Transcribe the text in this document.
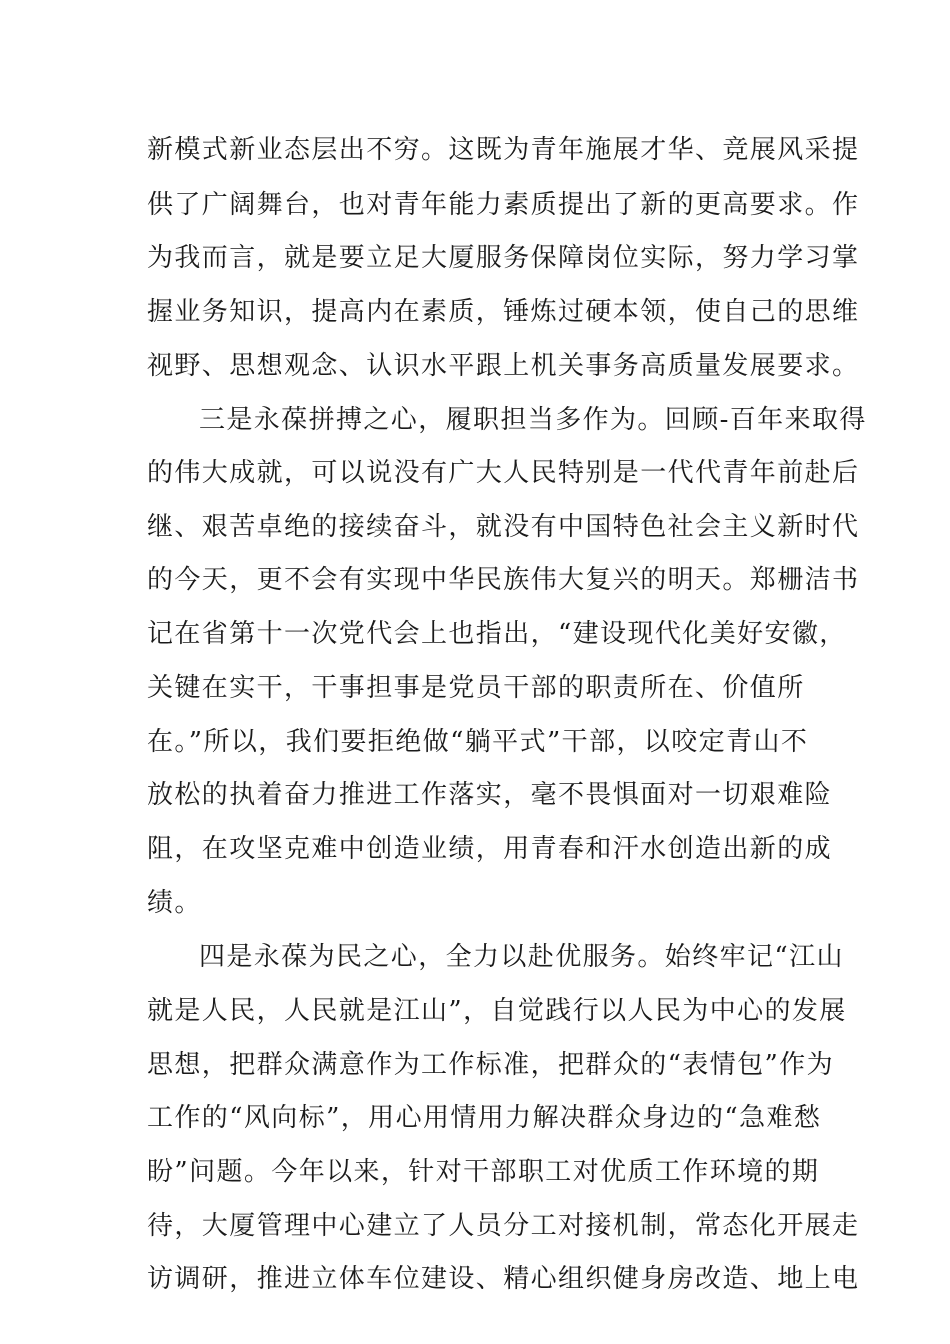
新模式新业态层出不穷。这既为青年施展才华、竞展风采提
供了广阔舞台，也对青年能力素质提出了新的更高要求。作
为我而言，就是要立足大厦服务保障岗位实际，努力学习掌
握业务知识，提高内在素质，锤炼过硬本领，使自己的思维
视野、思想观念、认识水平跟上机关事务高质量发展要求。
三是永葆拼搏之心，履职担当多作为。回顾-百年来取得
的伟大成就，可以说没有广大人民特别是一代代青年前赴后
继、艰苦卓绝的接续奋斗，就没有中国特色社会主义新时代
的今天，更不会有实现中华民族伟大复兴的明天。郑栅洁书
记在省第十一次党代会上也指出，“建设现代化美好安徽，
关键在实干，干事担事是党员干部的职责所在、价值所
在。”所以，我们要拒绝做“躺平式”干部，以咬定青山不
放松的执着奋力推进工作落实，毫不畏惧面对一切艰难险
阻，在攻坚克难中创造业绩，用青春和汗水创造出新的成
绩。
四是永葆为民之心，全力以赴优服务。始终牢记“江山
就是人民，人民就是江山”，自觉践行以人民为中心的发展
思想，把群众满意作为工作标准，把群众的“表情包”作为
工作的“风向标”，用心用情用力解决群众身边的“急难愁
盼”问题。今年以来，针对干部职工对优质工作环境的期
待，大厦管理中心建立了人员分工对接机制，常态化开展走
访调研，推进立体车位建设、精心组织健身房改造、地上电
